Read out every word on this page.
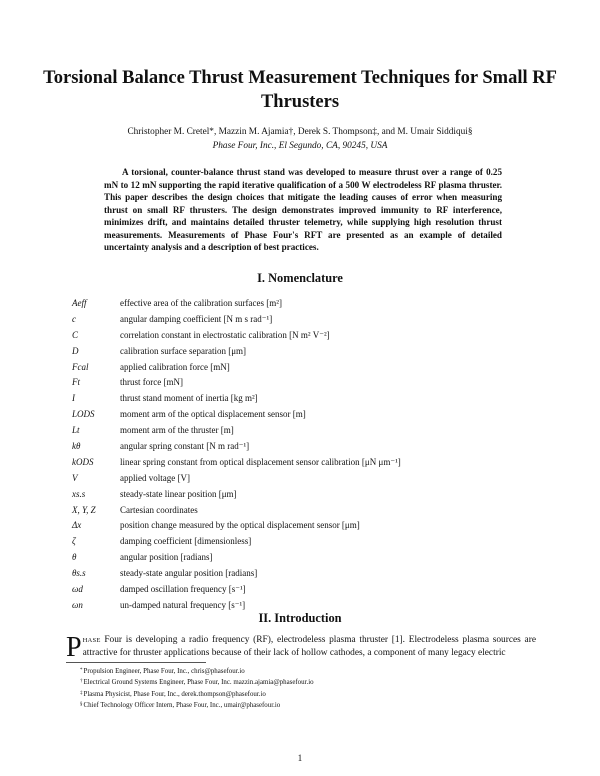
Torsional Balance Thrust Measurement Techniques for Small RF Thrusters
Christopher M. Cretel*, Mazzin M. Ajamia†, Derek S. Thompson‡, and M. Umair Siddiqui§
Phase Four, Inc., El Segundo, CA, 90245, USA

A torsional, counter-balance thrust stand was developed to measure thrust over a range of 0.25 mN to 12 mN supporting the rapid iterative qualification of a 500 W electrodeless RF plasma thruster. This paper describes the design choices that mitigate the leading causes of error when measuring thrust on small RF thrusters. The design demonstrates improved immunity to RF interference, minimizes drift, and maintains detailed thruster telemetry, while supplying high resolution thrust measurements. Measurements of Phase Four's RFT are presented as an example of detailed uncertainty analysis and a description of best practices.

I. Nomenclature
Aeff	effective area of the calibration surfaces [m²]
c	angular damping coefficient [N m s rad⁻¹]
C	correlation constant in electrostatic calibration [N m² V⁻²]
D	calibration surface separation [μm]
Fcal	applied calibration force [mN]
Ft	thrust force [mN]
I	thrust stand moment of inertia [kg m²]
LODS	moment arm of the optical displacement sensor [m]
Lt	moment arm of the thruster [m]
kθ	angular spring constant [N m rad⁻¹]
kODS	linear spring constant from optical displacement sensor calibration [μN μm⁻¹]
V	applied voltage [V]
xs.s	steady-state linear position [μm]
X, Y, Z	Cartesian coordinates
Δx	position change measured by the optical displacement sensor [μm]
ζ	damping coefficient [dimensionless]
θ	angular position [radians]
θs.s	steady-state angular position [radians]
ωd	damped oscillation frequency [s⁻¹]
ωn	un-damped natural frequency [s⁻¹]
II. Introduction
PHASE Four is developing a radio frequency (RF), electrodeless plasma thruster [1]. Electrodeless plasma sources are attractive for thruster applications because of their lack of hollow cathodes, a component of many legacy electric
*Propulsion Engineer, Phase Four, Inc., chris@phasefour.io
†Electrical Ground Systems Engineer, Phase Four, Inc. mazzin.ajamia@phasefour.io
‡Plasma Physicist, Phase Four, Inc., derek.thompson@phasefour.io
§Chief Technology Officer Intern, Phase Four, Inc., umair@phasefour.io
1
